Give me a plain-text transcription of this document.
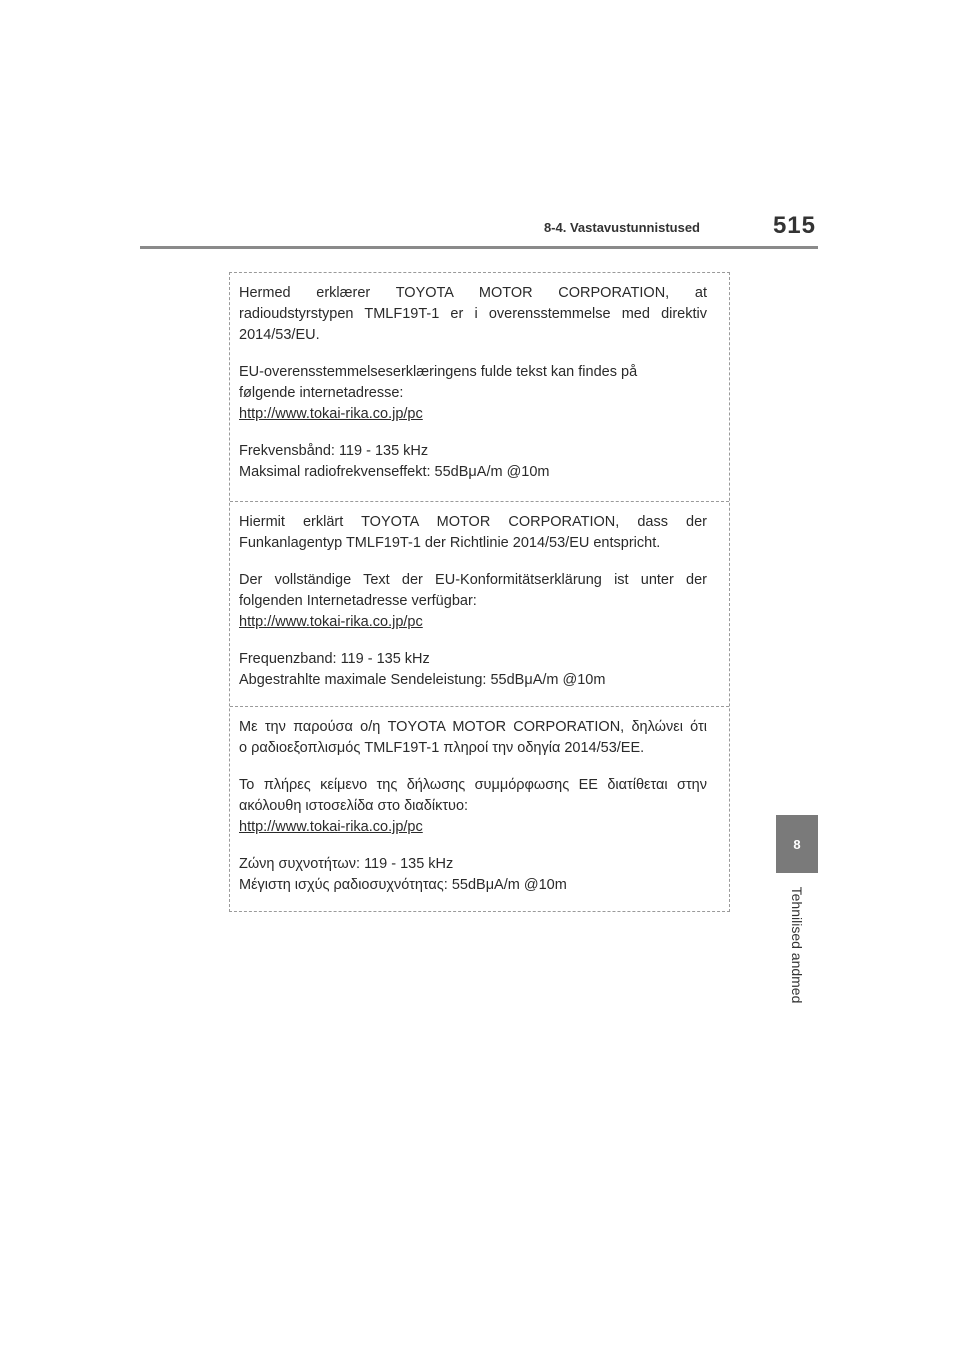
8-4. Vastavustunnistused	515
8
Tehnilised andmed
Hermed erklærer TOYOTA MOTOR CORPORATION, at
radioudstyrstypen TMLF19T-1 er i overensstemmelse med direktiv
2014/53/EU.
EU-overensstemmelseserklæringens fulde tekst kan findes på
følgende internetadresse:
http://www.tokai-rika.co.jp/pc
Frekvensbånd: 119 - 135 kHz
Maksimal radiofrekvenseffekt: 55dBμA/m @10m
Hiermit erklärt TOYOTA MOTOR CORPORATION, dass der
Funkanlagentyp TMLF19T-1 der Richtlinie 2014/53/EU entspricht.
Der vollständige Text der EU-Konformitätserklärung ist unter der
folgenden Internetadresse verfügbar:
http://www.tokai-rika.co.jp/pc
Frequenzband: 119 - 135 kHz
Abgestrahlte maximale Sendeleistung: 55dBμA/m @10m
Με την παρούσα ο/η TOYOTA MOTOR CORPORATION, δηλώνει ότι
ο ραδιοεξοπλισμός TMLF19T-1 πληροί την οδηγία 2014/53/ΕΕ.
Το πλήρες κείμενο της δήλωσης συμμόρφωσης ΕΕ διατίθεται στην
ακόλουθη ιστοσελίδα στο διαδίκτυο:
http://www.tokai-rika.co.jp/pc
Ζώνη συχνοτήτων: 119 - 135 kHz
Μέγιστη ισχύς ραδιοσυχνότητας: 55dBμA/m @10m
